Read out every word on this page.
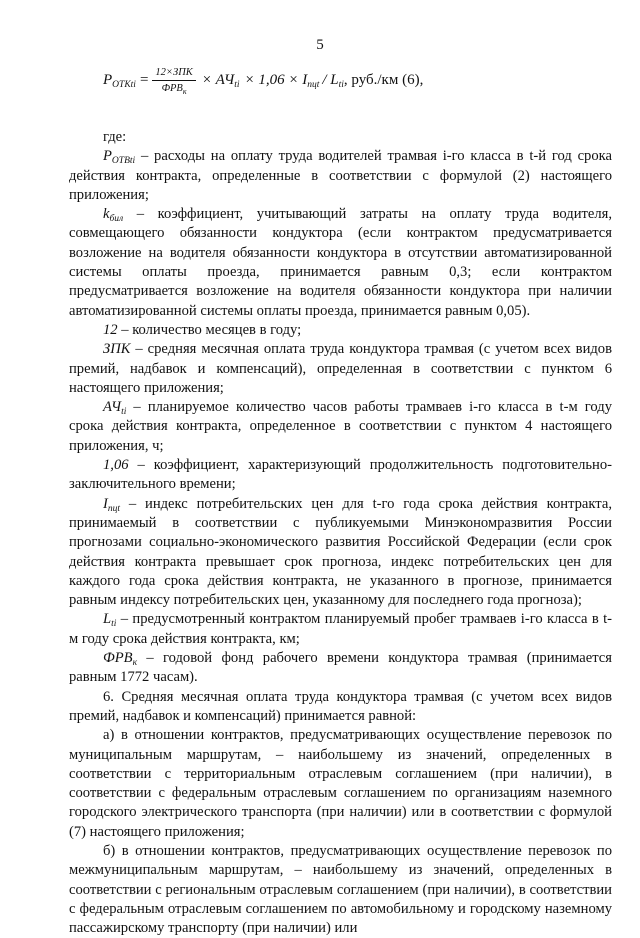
5
$P_{OTKti} = \frac{\text{12×ЗПК}}{ФРВ_к} \times АЧ_{ti} \times 1,06 \times I_{пцt} / L_{ti}$ , руб./км (6),

где:

$P_{OTBti}$ – расходы на оплату труда водителей трамвая i-го класса в t-й год срока действия контракта, определенные в соответствии с формулой (2) настоящего приложения;

$k_{бил}$ – коэффициент, учитывающий затраты на оплату труда водителя, совмещающего обязанности кондуктора (если контрактом предусматривается возложение на водителя обязанности кондуктора в отсутствии автоматизированной системы оплаты проезда, принимается равным 0,3; если контрактом предусматривается возложение на водителя обязанности кондуктора при наличии автоматизированной системы оплаты проезда, принимается равным 0,05).

12 – количество месяцев в году;

ЗПК – средняя месячная оплата труда кондуктора трамвая (с учетом всех видов премий, надбавок и компенсаций), определенная в соответствии с пунктом 6 настоящего приложения;

$АЧ_{ti}$ – планируемое количество часов работы трамваев i-го класса в t-м году срока действия контракта, определенное в соответствии с пунктом 4 настоящего приложения, ч;

1,06 – коэффициент, характеризующий продолжительность подготовительно-заключительного времени;

$I_{пцt}$ – индекс потребительских цен для t-го года срока действия контракта, принимаемый в соответствии с публикуемыми Минэкономразвития России прогнозами социально-экономического развития Российской Федерации (если срок действия контракта превышает срок прогноза, индекс потребительских цен для каждого года срока действия контракта, не указанного в прогнозе, принимается равным индексу потребительских цен, указанному для последнего года прогноза);

$L_{ti}$ – предусмотренный контрактом планируемый пробег трамваев i-го класса в t-м году срока действия контракта, км;

$ФРВ_к$ – годовой фонд рабочего времени кондуктора трамвая (принимается равным 1772 часам).

6. Средняя месячная оплата труда кондуктора трамвая (с учетом всех видов премий, надбавок и компенсаций) принимается равной:

а) в отношении контрактов, предусматривающих осуществление перевозок по муниципальным маршрутам, – наибольшему из значений, определенных в соответствии с территориальным отраслевым соглашением (при наличии), в соответствии с федеральным отраслевым соглашением по организациям наземного городского электрического транспорта (при наличии) или в соответствии с формулой (7) настоящего приложения;

б) в отношении контрактов, предусматривающих осуществление перевозок по межмуниципальным маршрутам, – наибольшему из значений, определенных в соответствии с региональным отраслевым соглашением (при наличии), в соответствии с федеральным отраслевым соглашением по автомобильному и городскому наземному пассажирскому транспорту (при наличии) или
